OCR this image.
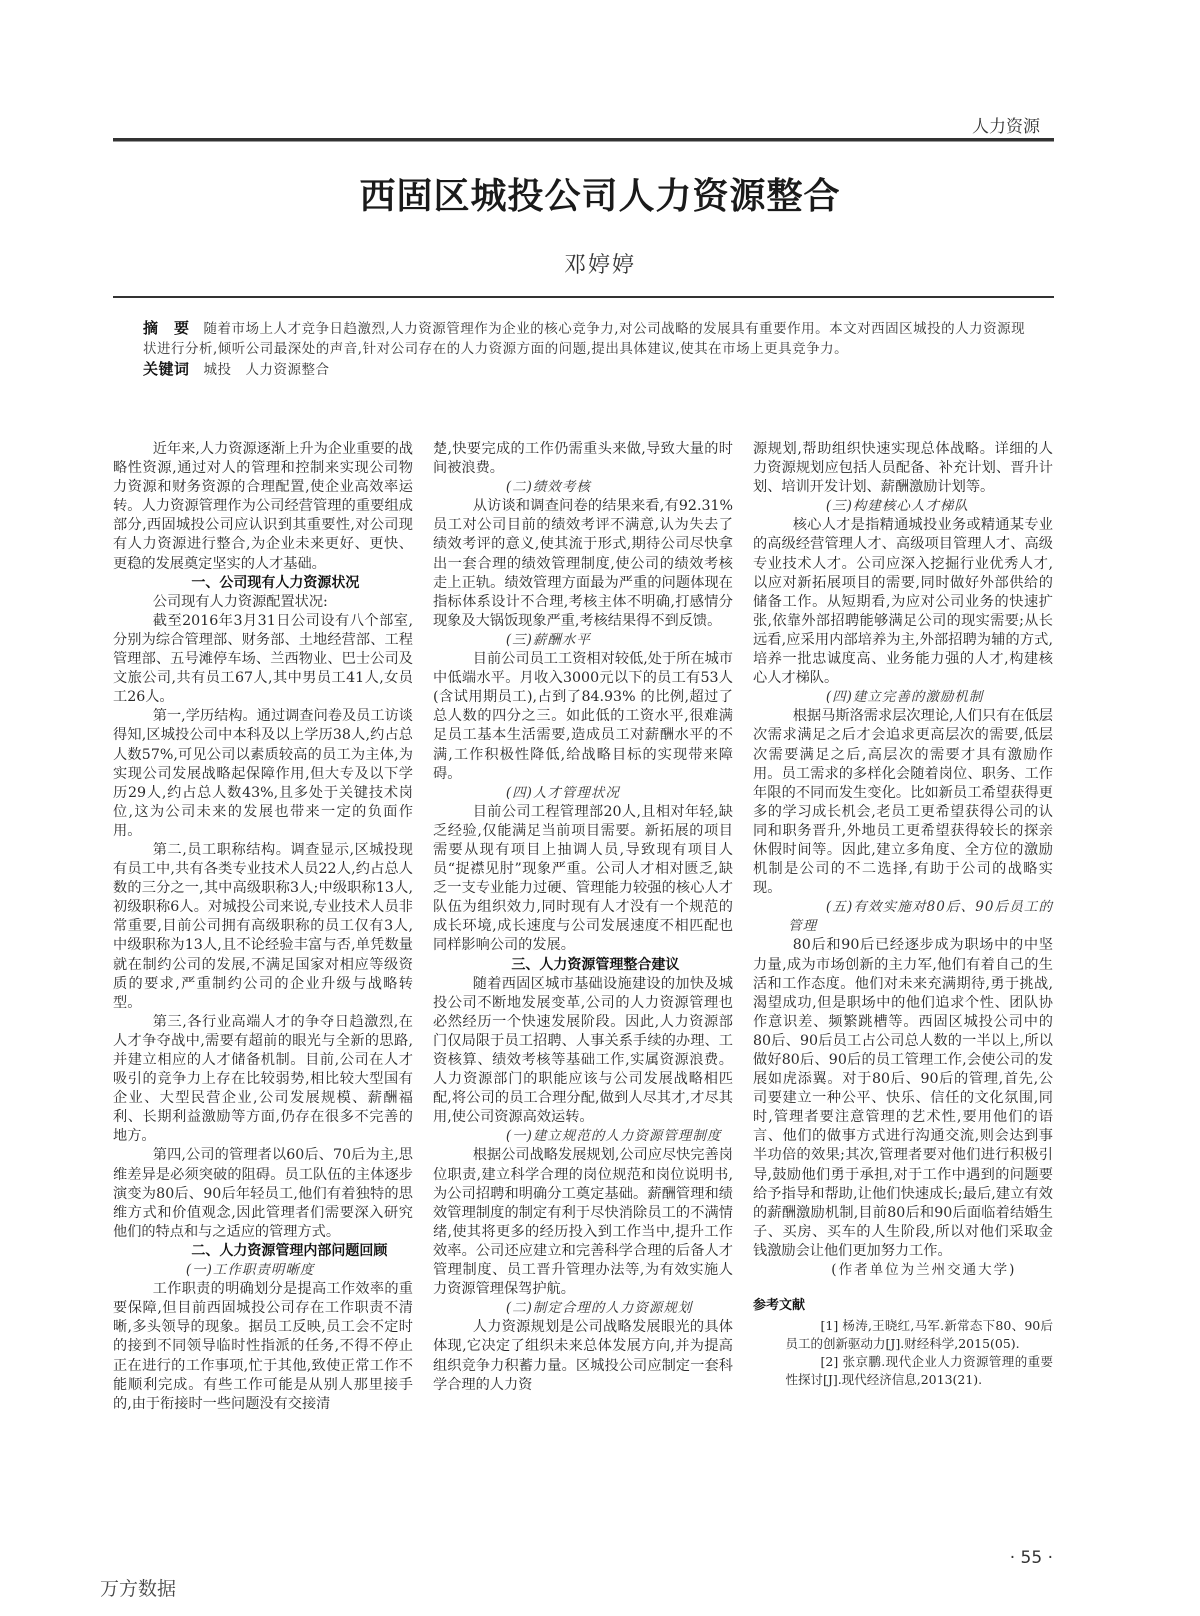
人力资源
西固区城投公司人力资源整合
邓婷婷
摘　要 随着市场上人才竞争日趋激烈,人力资源管理作为企业的核心竞争力,对公司战略的发展具有重要作用。本文对西固区城投的人力资源现状进行分析,倾听公司最深处的声音,针对公司存在的人力资源方面的问题,提出具体建议,使其在市场上更具竞争力。
关键词 城投　人力资源整合

近年来,人力资源逐渐上升为企业重要的战略性资源,通过对人的管理和控制来实现公司物力资源和财务资源的合理配置,使企业高效率运转。人力资源管理作为公司经营管理的重要组成部分,西固城投公司应认识到其重要性,对公司现有人力资源进行整合,为企业未来更好、更快、更稳的发展奠定坚实的人才基础。

一、公司现有人力资源状况

公司现有人力资源配置状况:

截至2016年3月31日公司设有八个部室,分别为综合管理部、财务部、土地经营部、工程管理部、五号滩停车场、兰西物业、巴士公司及文旅公司,共有员工67人,其中男员工41人,女员工26人。

第一,学历结构。通过调查问卷及员工访谈得知,区城投公司中本科及以上学历38人,约占总人数57%,可见公司以素质较高的员工为主体,为实现公司发展战略起保障作用,但大专及以下学历29人,约占总人数43%,且多处于关键技术岗位,这为公司未来的发展也带来一定的负面作用。

第二,员工职称结构。调查显示,区城投现有员工中,共有各类专业技术人员22人,约占总人数的三分之一,其中高级职称3人;中级职称13人,初级职称6人。对城投公司来说,专业技术人员非常重要,目前公司拥有高级职称的员工仅有3人,中级职称为13人,且不论经验丰富与否,单凭数量就在制约公司的发展,不满足国家对相应等级资质的要求,严重制约公司的企业升级与战略转型。

第三,各行业高端人才的争夺日趋激烈,在人才争夺战中,需要有超前的眼光与全新的思路,并建立相应的人才储备机制。目前,公司在人才吸引的竞争力上存在比较弱势,相比较大型国有企业、大型民营企业,公司发展规模、薪酬福利、长期利益激励等方面,仍存在很多不完善的地方。

第四,公司的管理者以60后、70后为主,思维差异是必须突破的阻碍。员工队伍的主体逐步演变为80后、90后年轻员工,他们有着独特的思维方式和价值观念,因此管理者们需要深入研究他们的特点和与之适应的管理方式。

二、人力资源管理内部问题回顾

(一)工作职责明晰度

工作职责的明确划分是提高工作效率的重要保障,但目前西固城投公司存在工作职责不清晰,多头领导的现象。据员工反映,员工会不定时的接到不同领导临时性指派的任务,不得不停止正在进行的工作事项,忙于其他,致使正常工作不能顺利完成。有些工作可能是从别人那里接手的,由于衔接时一些问题没有交接清

楚,快要完成的工作仍需重头来做,导致大量的时间被浪费。

(二)绩效考核

从访谈和调查问卷的结果来看,有92.31% 员工对公司目前的绩效考评不满意,认为失去了绩效考评的意义,使其流于形式,期待公司尽快拿出一套合理的绩效管理制度,使公司的绩效考核走上正轨。绩效管理方面最为严重的问题体现在指标体系设计不合理,考核主体不明确,打感情分现象及大锅饭现象严重,考核结果得不到反馈。

(三)薪酬水平

目前公司员工工资相对较低,处于所在城市中低端水平。月收入3000元以下的员工有53人(含试用期员工),占到了84.93% 的比例,超过了总人数的四分之三。如此低的工资水平,很难满足员工基本生活需要,造成员工对薪酬水平的不满,工作积极性降低,给战略目标的实现带来障碍。

(四)人才管理状况

目前公司工程管理部20人,且相对年轻,缺乏经验,仅能满足当前项目需要。新拓展的项目需要从现有项目上抽调人员,导致现有项目人员“捉襟见肘”现象严重。公司人才相对匮乏,缺乏一支专业能力过硬、管理能力较强的核心人才队伍为组织效力,同时现有人才没有一个规范的成长环境,成长速度与公司发展速度不相匹配也同样影响公司的发展。

三、人力资源管理整合建议

随着西固区城市基础设施建设的加快及城投公司不断地发展变革,公司的人力资源管理也必然经历一个快速发展阶段。因此,人力资源部门仅局限于员工招聘、人事关系手续的办理、工资核算、绩效考核等基础工作,实属资源浪费。人力资源部门的职能应该与公司发展战略相匹配,将公司的员工合理分配,做到人尽其才,才尽其用,使公司资源高效运转。

(一)建立规范的人力资源管理制度

根据公司战略发展规划,公司应尽快完善岗位职责,建立科学合理的岗位规范和岗位说明书,为公司招聘和明确分工奠定基础。薪酬管理和绩效管理制度的制定有利于尽快消除员工的不满情绪,使其将更多的经历投入到工作当中,提升工作效率。公司还应建立和完善科学合理的后备人才管理制度、员工晋升管理办法等,为有效实施人力资源管理保驾护航。

(二)制定合理的人力资源规划

人力资源规划是公司战略发展眼光的具体体现,它决定了组织未来总体发展方向,并为提高组织竞争力积蓄力量。区城投公司应制定一套科学合理的人力资

源规划,帮助组织快速实现总体战略。详细的人力资源规划应包括人员配备、补充计划、晋升计划、培训开发计划、薪酬激励计划等。

(三)构建核心人才梯队

核心人才是指精通城投业务或精通某专业的高级经营管理人才、高级项目管理人才、高级专业技术人才。公司应深入挖掘行业优秀人才,以应对新拓展项目的需要,同时做好外部供给的储备工作。从短期看,为应对公司业务的快速扩张,依靠外部招聘能够满足公司的现实需要;从长远看,应采用内部培养为主,外部招聘为辅的方式,培养一批忠诚度高、业务能力强的人才,构建核心人才梯队。

(四)建立完善的激励机制

根据马斯洛需求层次理论,人们只有在低层次需求满足之后才会追求更高层次的需要,低层次需要满足之后,高层次的需要才具有激励作用。员工需求的多样化会随着岗位、职务、工作年限的不同而发生变化。比如新员工希望获得更多的学习成长机会,老员工更希望获得公司的认同和职务晋升,外地员工更希望获得较长的探亲休假时间等。因此,建立多角度、全方位的激励机制是公司的不二选择,有助于公司的战略实现。

(五)有效实施对80后、90后员工的管理

80后和90后已经逐步成为职场中的中坚力量,成为市场创新的主力军,他们有着自己的生活和工作态度。他们对未来充满期待,勇于挑战,渴望成功,但是职场中的他们追求个性、团队协作意识差、频繁跳槽等。西固区城投公司中的80后、90后员工占公司总人数的一半以上,所以做好80后、90后的员工管理工作,会使公司的发展如虎添翼。对于80后、90后的管理,首先,公司要建立一种公平、快乐、信任的文化氛围,同时,管理者要注意管理的艺术性,要用他们的语言、他们的做事方式进行沟通交流,则会达到事半功倍的效果;其次,管理者要对他们进行积极引导,鼓励他们勇于承担,对于工作中遇到的问题要给予指导和帮助,让他们快速成长;最后,建立有效的薪酬激励机制,目前80后和90后面临着结婚生子、买房、买车的人生阶段,所以对他们采取金钱激励会让他们更加努力工作。

(作者单位为兰州交通大学)

参考文献

[1] 杨涛,王晓红,马军.新常态下80、90后员工的创新驱动力[J].财经科学,2015(05).

[2] 张京鹏.现代企业人力资源管理的重要性探讨[J].现代经济信息,2013(21).

· 55 ·
万方数据
